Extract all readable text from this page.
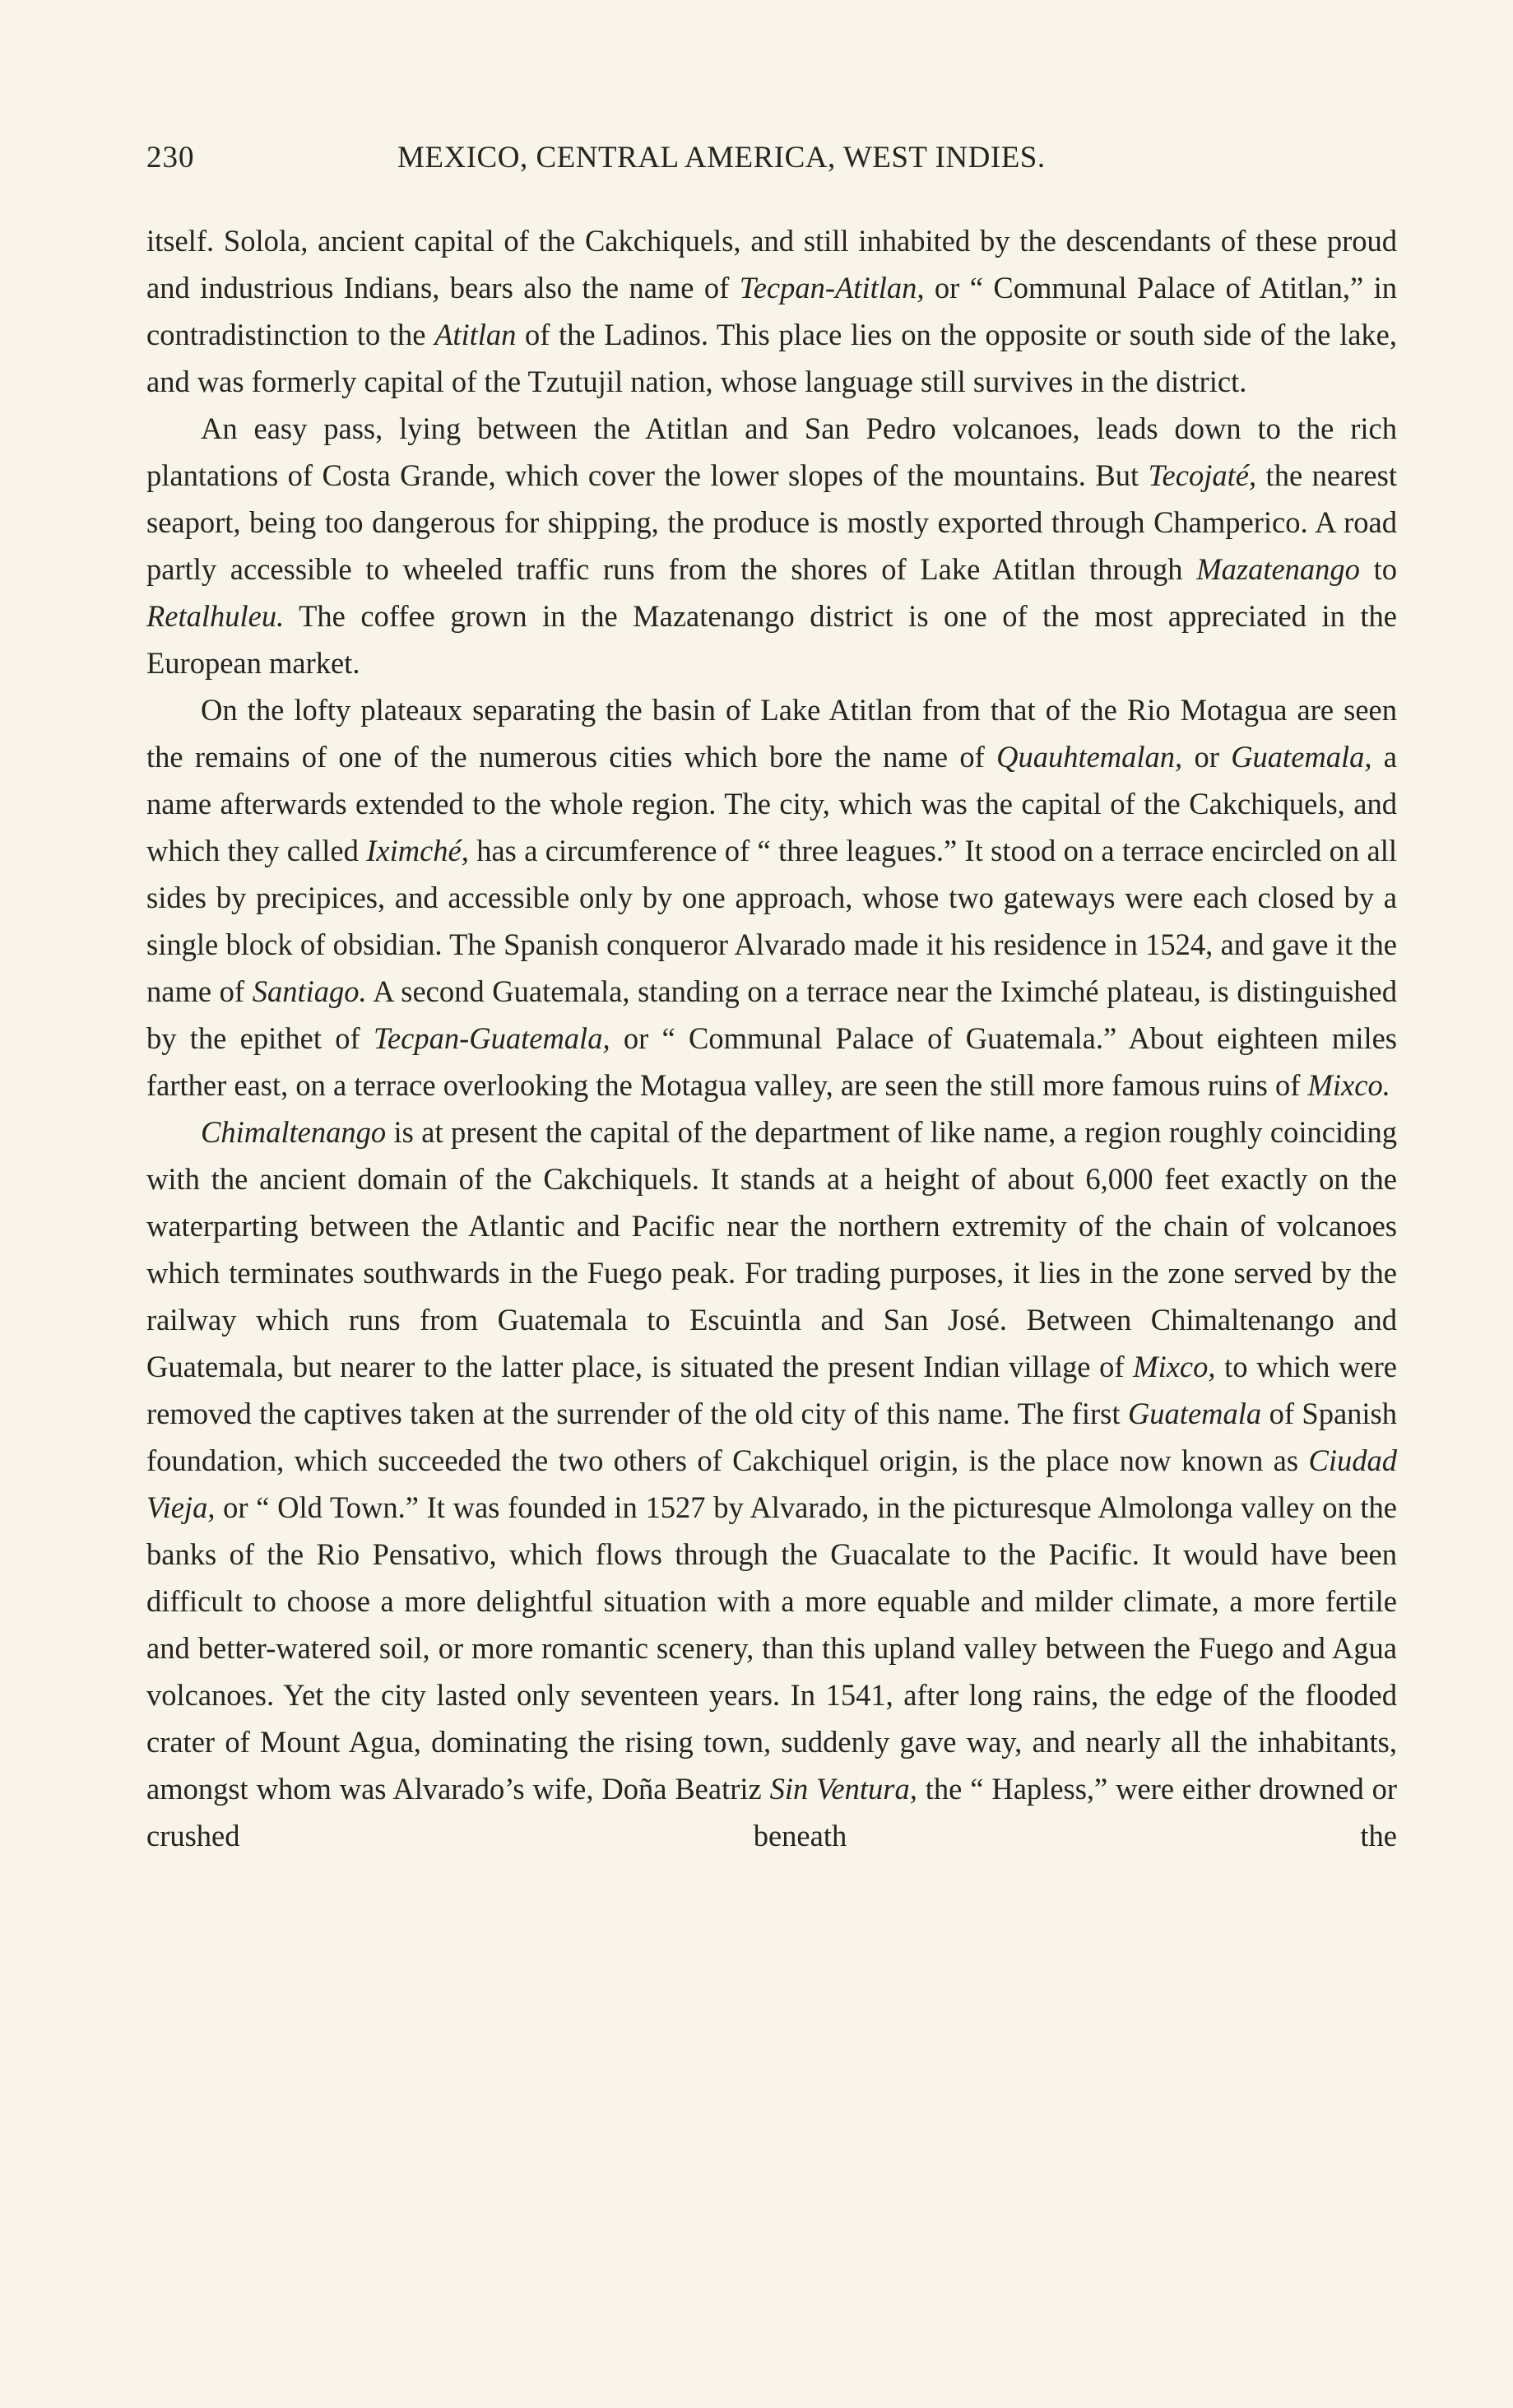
230	MEXICO, CENTRAL AMERICA, WEST INDIES.

itself. Solola, ancient capital of the Cakchiquels, and still inhabited by the descendants of these proud and industrious Indians, bears also the name of Tecpan-Atitlan, or “ Communal Palace of Atitlan,” in contradistinction to the Atitlan of the Ladinos. This place lies on the opposite or south side of the lake, and was formerly capital of the Tzutujil nation, whose language still survives in the district.

An easy pass, lying between the Atitlan and San Pedro volcanoes, leads down to the rich plantations of Costa Grande, which cover the lower slopes of the mountains. But Tecojaté, the nearest seaport, being too dangerous for shipping, the produce is mostly exported through Champerico. A road partly accessible to wheeled traffic runs from the shores of Lake Atitlan through Mazatenango to Retalhuleu. The coffee grown in the Mazatenango district is one of the most appreciated in the European market.

On the lofty plateaux separating the basin of Lake Atitlan from that of the Rio Motagua are seen the remains of one of the numerous cities which bore the name of Quauhtemalan, or Guatemala, a name afterwards extended to the whole region. The city, which was the capital of the Cakchiquels, and which they called Iximché, has a circumference of “ three leagues.” It stood on a terrace encircled on all sides by precipices, and accessible only by one approach, whose two gateways were each closed by a single block of obsidian. The Spanish conqueror Alvarado made it his residence in 1524, and gave it the name of Santiago. A second Guatemala, standing on a terrace near the Iximché plateau, is distinguished by the epithet of Tecpan-Guatemala, or “ Communal Palace of Guatemala.” About eighteen miles farther east, on a terrace overlooking the Motagua valley, are seen the still more famous ruins of Mixco.

Chimaltenango is at present the capital of the department of like name, a region roughly coinciding with the ancient domain of the Cakchiquels. It stands at a height of about 6,000 feet exactly on the waterparting between the Atlantic and Pacific near the northern extremity of the chain of volcanoes which terminates southwards in the Fuego peak. For trading purposes, it lies in the zone served by the railway which runs from Guatemala to Escuintla and San José. Between Chimaltenango and Guatemala, but nearer to the latter place, is situated the present Indian village of Mixco, to which were removed the captives taken at the surrender of the old city of this name. The first Guatemala of Spanish foundation, which succeeded the two others of Cakchiquel origin, is the place now known as Ciudad Vieja, or “ Old Town.” It was founded in 1527 by Alvarado, in the picturesque Almolonga valley on the banks of the Rio Pensativo, which flows through the Guacalate to the Pacific. It would have been difficult to choose a more delightful situation with a more equable and milder climate, a more fertile and better-watered soil, or more romantic scenery, than this upland valley between the Fuego and Agua volcanoes. Yet the city lasted only seventeen years. In 1541, after long rains, the edge of the flooded crater of Mount Agua, dominating the rising town, suddenly gave way, and nearly all the inhabitants, amongst whom was Alvarado’s wife, Doña Beatriz Sin Ventura, the “ Hapless,” were either drowned or crushed beneath the
